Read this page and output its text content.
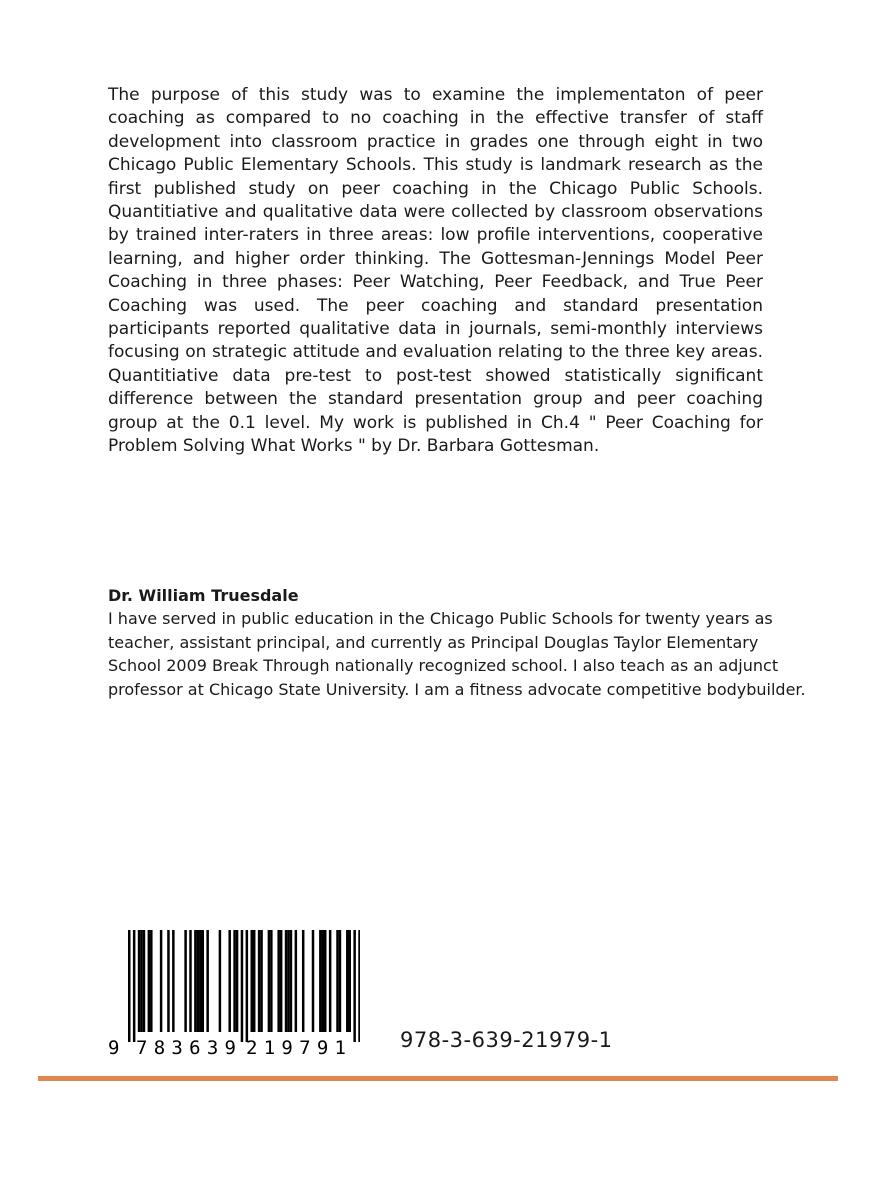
The purpose of this study was to examine the implementaton of peer coaching as compared to no coaching in the effective transfer of staff development into classroom practice in grades one through eight in two Chicago Public Elementary Schools. This study is landmark research as the first published study on peer coaching in the Chicago Public Schools. Quantitiative and qualitative data were collected by classroom observations by trained inter-raters in three areas: low profile interventions, cooperative learning, and higher order thinking. The Gottesman-Jennings Model Peer Coaching in three phases: Peer Watching, Peer Feedback, and True Peer Coaching was used. The peer coaching and standard presentation participants reported qualitative data in journals, semi-monthly interviews focusing on strategic attitude and evaluation relating to the three key areas. Quantitiative data pre-test to post-test showed statistically significant difference between the standard presentation group and peer coaching group at the 0.1 level. My work is published in Ch.4 " Peer Coaching for Problem Solving What Works " by Dr. Barbara Gottesman.

Dr. William Truesdale

I have served in public education in the Chicago Public Schools for twenty years as teacher, assistant principal, and currently as Principal Douglas Taylor Elementary School 2009 Break Through nationally recognized school. I also teach as an adjunct professor at Chicago State University. I am a fitness advocate competitive bodybuilder.

9 783639 219791	978-3-639-21979-1
